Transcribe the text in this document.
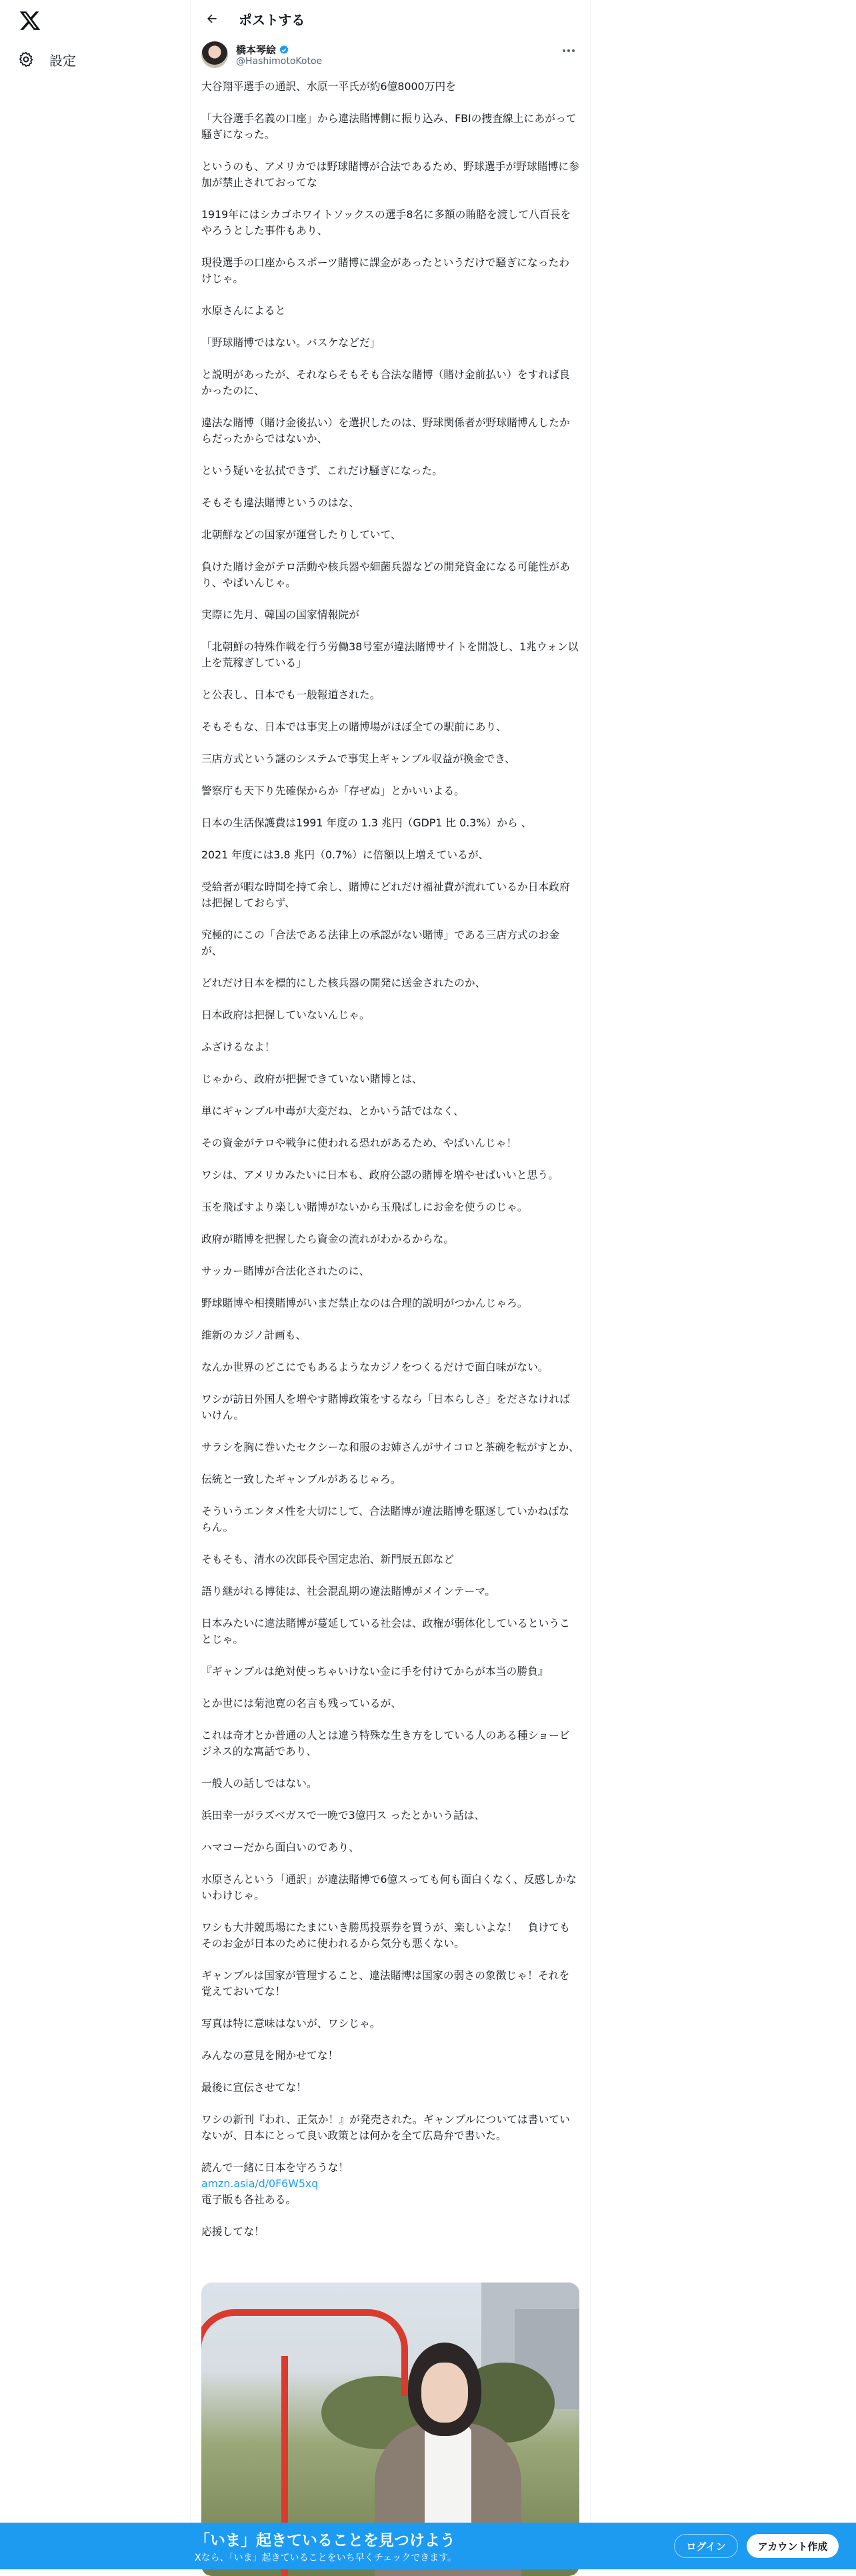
設定
ポストする
橋本琴絵
@HashimotoKotoe

大谷翔平選手の通訳、水原一平氏が約6億8000万円を

「大谷選手名義の口座」から違法賭博側に振り込み、FBIの捜査線上にあがって騒ぎになった。

というのも、アメリカでは野球賭博が合法であるため、野球選手が野球賭博に参加が禁止されておってな

1919年にはシカゴホワイトソックスの選手8名に多額の賄賂を渡して八百長をやろうとした事件もあり、

現役選手の口座からスポーツ賭博に課金があったというだけで騒ぎになったわけじゃ。

水原さんによると

「野球賭博ではない。バスケなどだ」

と説明があったが、それならそもそも合法な賭博（賭け金前払い）をすれば良かったのに、

違法な賭博（賭け金後払い）を選択したのは、野球関係者が野球賭博んしたからだったからではないか、

という疑いを払拭できず、これだけ騒ぎになった。

そもそも違法賭博というのはな、

北朝鮮などの国家が運営したりしていて、

負けた賭け金がテロ活動や核兵器や細菌兵器などの開発資金になる可能性があり、やばいんじゃ。

実際に先月、韓国の国家情報院が

「北朝鮮の特殊作戦を行う労働38号室が違法賭博サイトを開設し、1兆ウォン以上を荒稼ぎしている」

と公表し、日本でも一般報道された。

そもそもな、日本では事実上の賭博場がほぼ全ての駅前にあり、

三店方式という謎のシステムで事実上ギャンブル収益が換金でき、

警察庁も天下り先確保からか「存ぜぬ」とかいいよる。

日本の生活保護費は1991 年度の 1.3 兆円（GDP1 比 0.3%）から 、

2021 年度には3.8 兆円（0.7%）に倍額以上増えているが、

受給者が暇な時間を持て余し、賭博にどれだけ福祉費が流れているか日本政府は把握しておらず、

究極的にこの「合法である法律上の承認がない賭博」である三店方式のお金が、

どれだけ日本を標的にした核兵器の開発に送金されたのか、

日本政府は把握していないんじゃ。

ふざけるなよ！

じゃから、政府が把握できていない賭博とは、

単にギャンブル中毒が大変だね、とかいう話ではなく、

その資金がテロや戦争に使われる恐れがあるため、やばいんじゃ！

ワシは、アメリカみたいに日本も、政府公認の賭博を増やせばいいと思う。

玉を飛ばすより楽しい賭博がないから玉飛ばしにお金を使うのじゃ。

政府が賭博を把握したら資金の流れがわかるからな。

サッカー賭博が合法化されたのに、

野球賭博や相撲賭博がいまだ禁止なのは合理的説明がつかんじゃろ。

維新のカジノ計画も、

なんか世界のどこにでもあるようなカジノをつくるだけで面白味がない。

ワシが訪日外国人を増やす賭博政策をするなら「日本らしさ」をださなければいけん。

サラシを胸に巻いたセクシーな和服のお姉さんがサイコロと茶碗を転がすとか、

伝統と一致したギャンブルがあるじゃろ。

そういうエンタメ性を大切にして、合法賭博が違法賭博を駆逐していかねばならん。

そもそも、清水の次郎長や国定忠治、新門辰五郎など

語り継がれる博徒は、社会混乱期の違法賭博がメインテーマ。

日本みたいに違法賭博が蔓延している社会は、政権が弱体化しているということじゃ。

『ギャンブルは絶対使っちゃいけない金に手を付けてからが本当の勝負』

とか世には菊池寛の名言も残っているが、

これは奇才とか普通の人とは違う特殊な生き方をしている人のある種ショービジネス的な寓話であり、

一般人の話しではない。

浜田幸一がラズベガスで一晩で3億円ス ったとかいう話は、

ハマコーだから面白いのであり、

水原さんという「通訳」が違法賭博で6億スっても何も面白くなく、反感しかないわけじゃ。

ワシも大井競馬場にたまにいき勝馬投票券を買うが、楽しいよな！　負けてもそのお金が日本のために使われるから気分も悪くない。

ギャンブルは国家が管理すること、違法賭博は国家の弱さの象徴じゃ！それを覚えておいてな！

写真は特に意味はないが、ワシじゃ。

みんなの意見を聞かせてな！

最後に宣伝させてな！

ワシの新刊『われ、正気か！』が発売された。ギャンブルについては書いていないが、日本にとって良い政策とは何かを全て広島弁で書いた。

読んで一緒に日本を守ろうな！

amzn.asia/d/0F6W5xq

電子版も各社ある。

応援してな！

「いま」起きていることを見つけよう
Xなら、「いま」起きていることをいち早くチェックできます。
ログイン	アカウント作成
